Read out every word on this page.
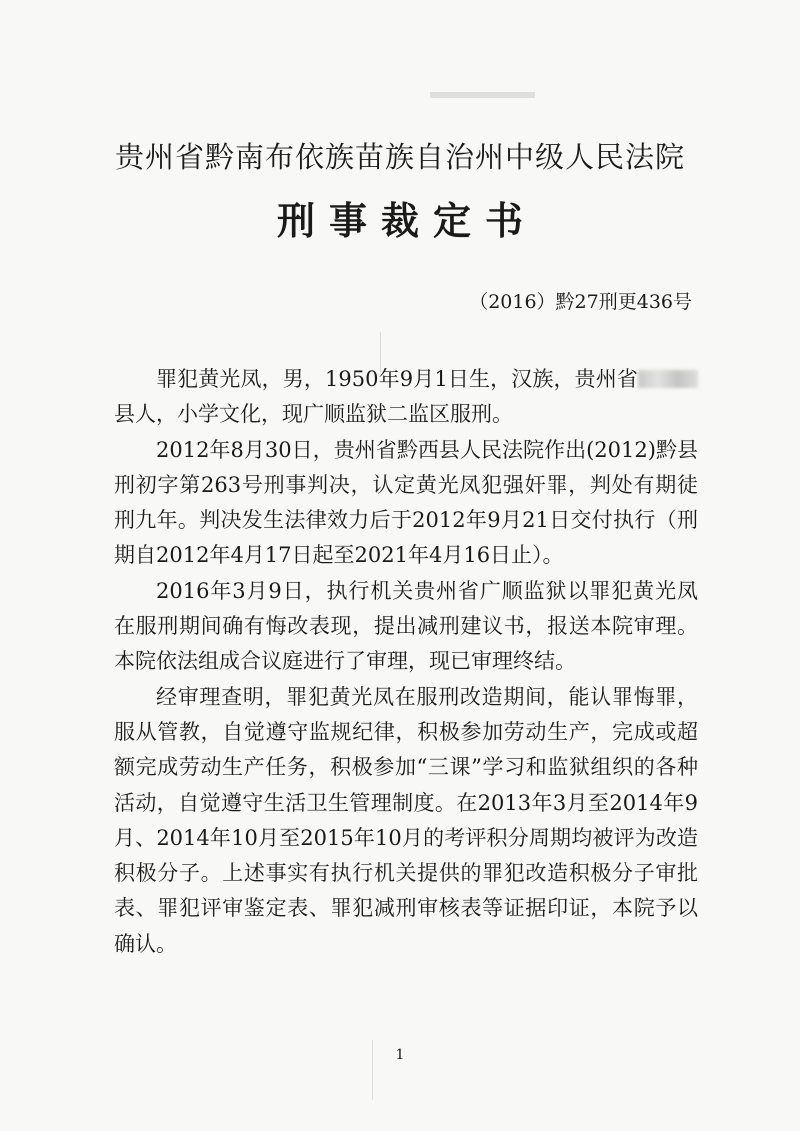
贵州省黔南布依族苗族自治州中级人民法院
刑事裁定书
（2016）黔27刑更436号

罪犯黄光凤，男，1950年9月1日生，汉族，贵州省县人，小学文化，现广顺监狱二监区服刑。

2012年8月30日，贵州省黔西县人民法院作出(2012)黔县刑初字第263号刑事判决，认定黄光凤犯强奸罪，判处有期徒刑九年。判决发生法律效力后于2012年9月21日交付执行（刑期自2012年4月17日起至2021年4月16日止）。

2016年3月9日，执行机关贵州省广顺监狱以罪犯黄光凤在服刑期间确有悔改表现，提出减刑建议书，报送本院审理。本院依法组成合议庭进行了审理，现已审理终结。

经审理查明，罪犯黄光凤在服刑改造期间，能认罪悔罪，服从管教，自觉遵守监规纪律，积极参加劳动生产，完成或超额完成劳动生产任务，积极参加“三课”学习和监狱组织的各种活动，自觉遵守生活卫生管理制度。在2013年3月至2014年9月、2014年10月至2015年10月的考评积分周期均被评为改造积极分子。上述事实有执行机关提供的罪犯改造积极分子审批表、罪犯评审鉴定表、罪犯减刑审核表等证据印证，本院予以确认。

1
